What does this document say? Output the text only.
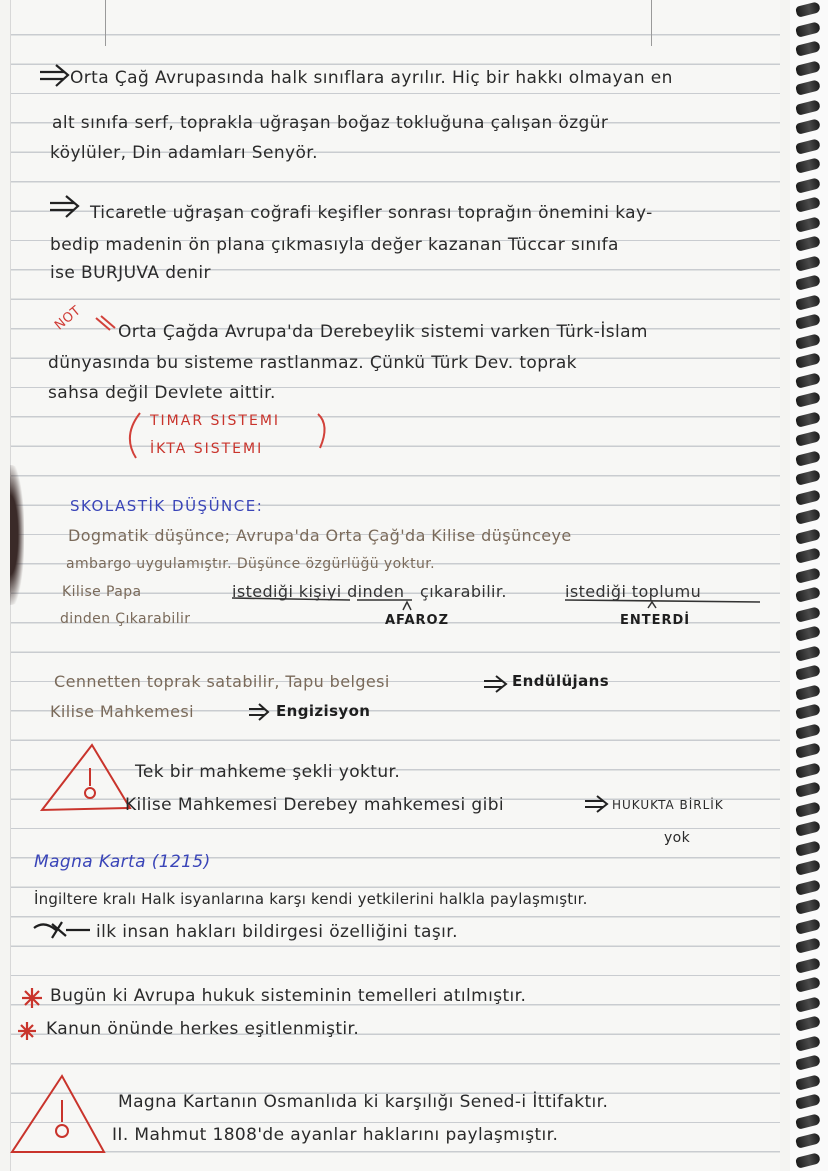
Orta Çağ Avrupasında halk sınıflara ayrılır. Hiç bir hakkı olmayan en
alt sınıfa serf, toprakla uğraşan boğaz tokluğuna çalışan özgür
köylüler, Din adamları Senyör.
Ticaretle uğraşan coğrafi keşifler sonrası toprağın önemini kay-
bedip madenin ön plana çıkmasıyla değer kazanan Tüccar sınıfa
ise BURJUVA denir
NOT Orta Çağda Avrupa'da Derebeylik sistemi varken Türk-İslam
dünyasında bu sisteme rastlanmaz. Çünkü Türk Dev. toprak
sahsa değil Devlete aittir.
TIMAR SISTEMI
İKTA SISTEMI
SKOLASTİK DÜŞÜNCE:
Dogmatik düşünce; Avrupa'da Orta Çağ'da Kilise düşünceye
ambargo uygulamıştır. Düşünce özgürlüğü yoktur.
Kilise Papa	istediği kişiyi dinden çıkarabilir.	istediği toplumu
dinden Çıkarabilir	AFAROZ	ENTERDİ
Cennetten toprak satabilir, Tapu belgesi	Endülüjans
Kilise Mahkemesi	Engizisyon
Tek bir mahkeme şekli yoktur.
Kilise Mahkemesi Derebey mahkemesi gibi	HUKUKTA BİRLİK
yok
Magna Karta (1215)
İngiltere kralı Halk isyanlarına karşı kendi yetkilerini halkla paylaşmıştır.
ilk insan hakları bildirgesi özelliğini taşır.
Bugün ki Avrupa hukuk sisteminin temelleri atılmıştır.
Kanun önünde herkes eşitlenmiştir.
Magna Kartanın Osmanlıda ki karşılığı Sened-i İttifaktır.
II. Mahmut 1808'de ayanlar haklarını paylaşmıştır.
